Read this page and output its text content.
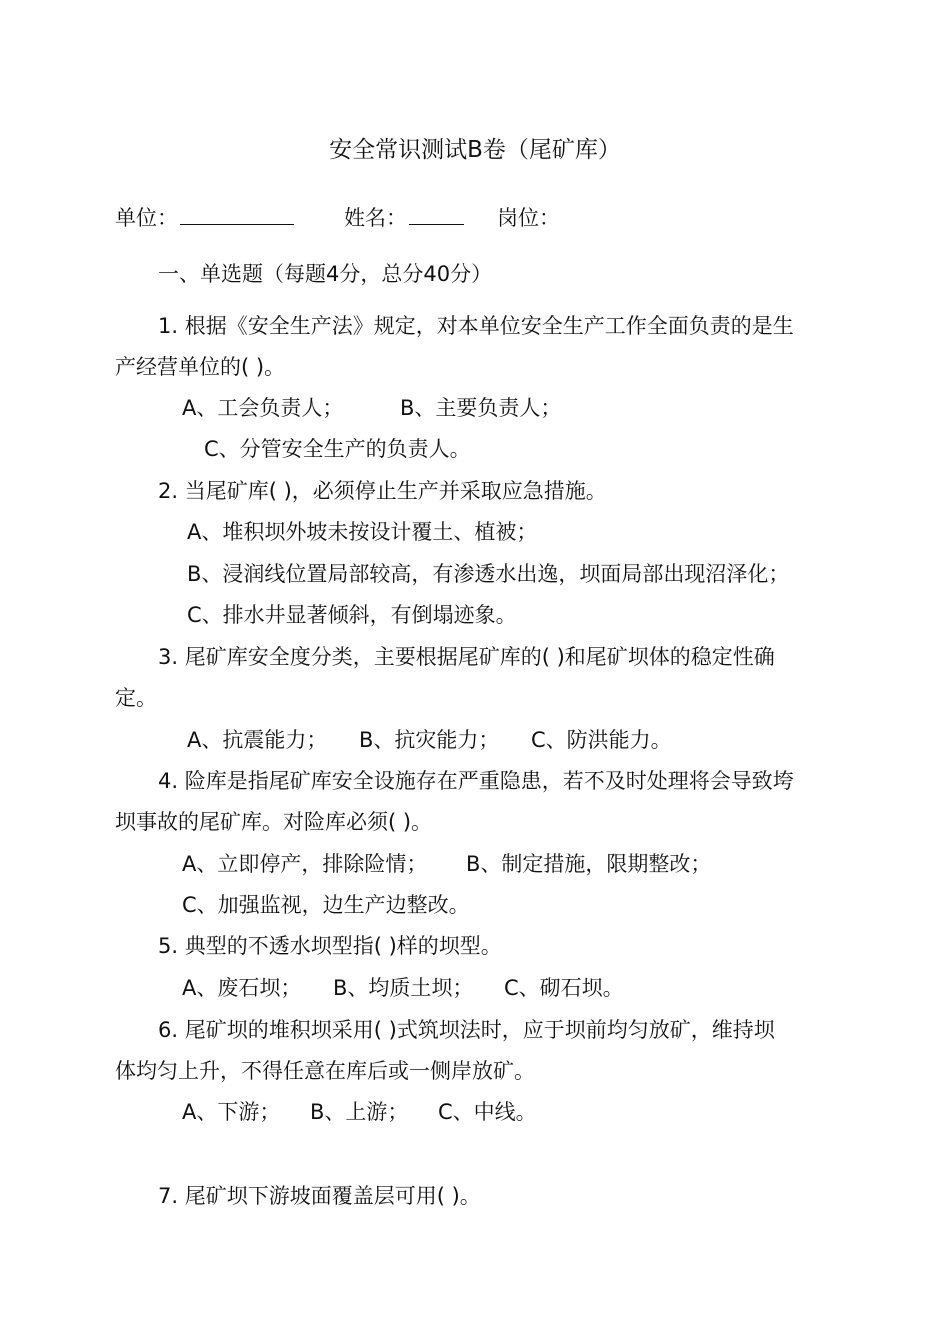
安全常识测试B卷（尾矿库）
单位：	姓名：	岗位：
一、单选题（每题4分，总分40分）
1. 根据《安全生产法》规定，对本单位安全生产工作全面负责的是生
产经营单位的( )。
A、工会负责人；	B、主要负责人；
C、分管安全生产的负责人。
2. 当尾矿库( )，必须停止生产并采取应急措施。
A、堆积坝外坡未按设计覆土、植被；
B、浸润线位置局部较高，有渗透水出逸，坝面局部出现沼泽化；
C、排水井显著倾斜，有倒塌迹象。
3. 尾矿库安全度分类，主要根据尾矿库的( )和尾矿坝体的稳定性确
定。
A、抗震能力； B、抗灾能力； C、防洪能力。
4. 险库是指尾矿库安全设施存在严重隐患，若不及时处理将会导致垮
坝事故的尾矿库。对险库必须( )。
A、立即停产，排除险情； B、制定措施，限期整改；
C、加强监视，边生产边整改。
5. 典型的不透水坝型指( )样的坝型。
A、废石坝； B、均质土坝； C、砌石坝。
6. 尾矿坝的堆积坝采用( )式筑坝法时，应于坝前均匀放矿，维持坝
体均匀上升，不得任意在库后或一侧岸放矿。
A、下游； B、上游； C、中线。
7. 尾矿坝下游坡面覆盖层可用( )。
